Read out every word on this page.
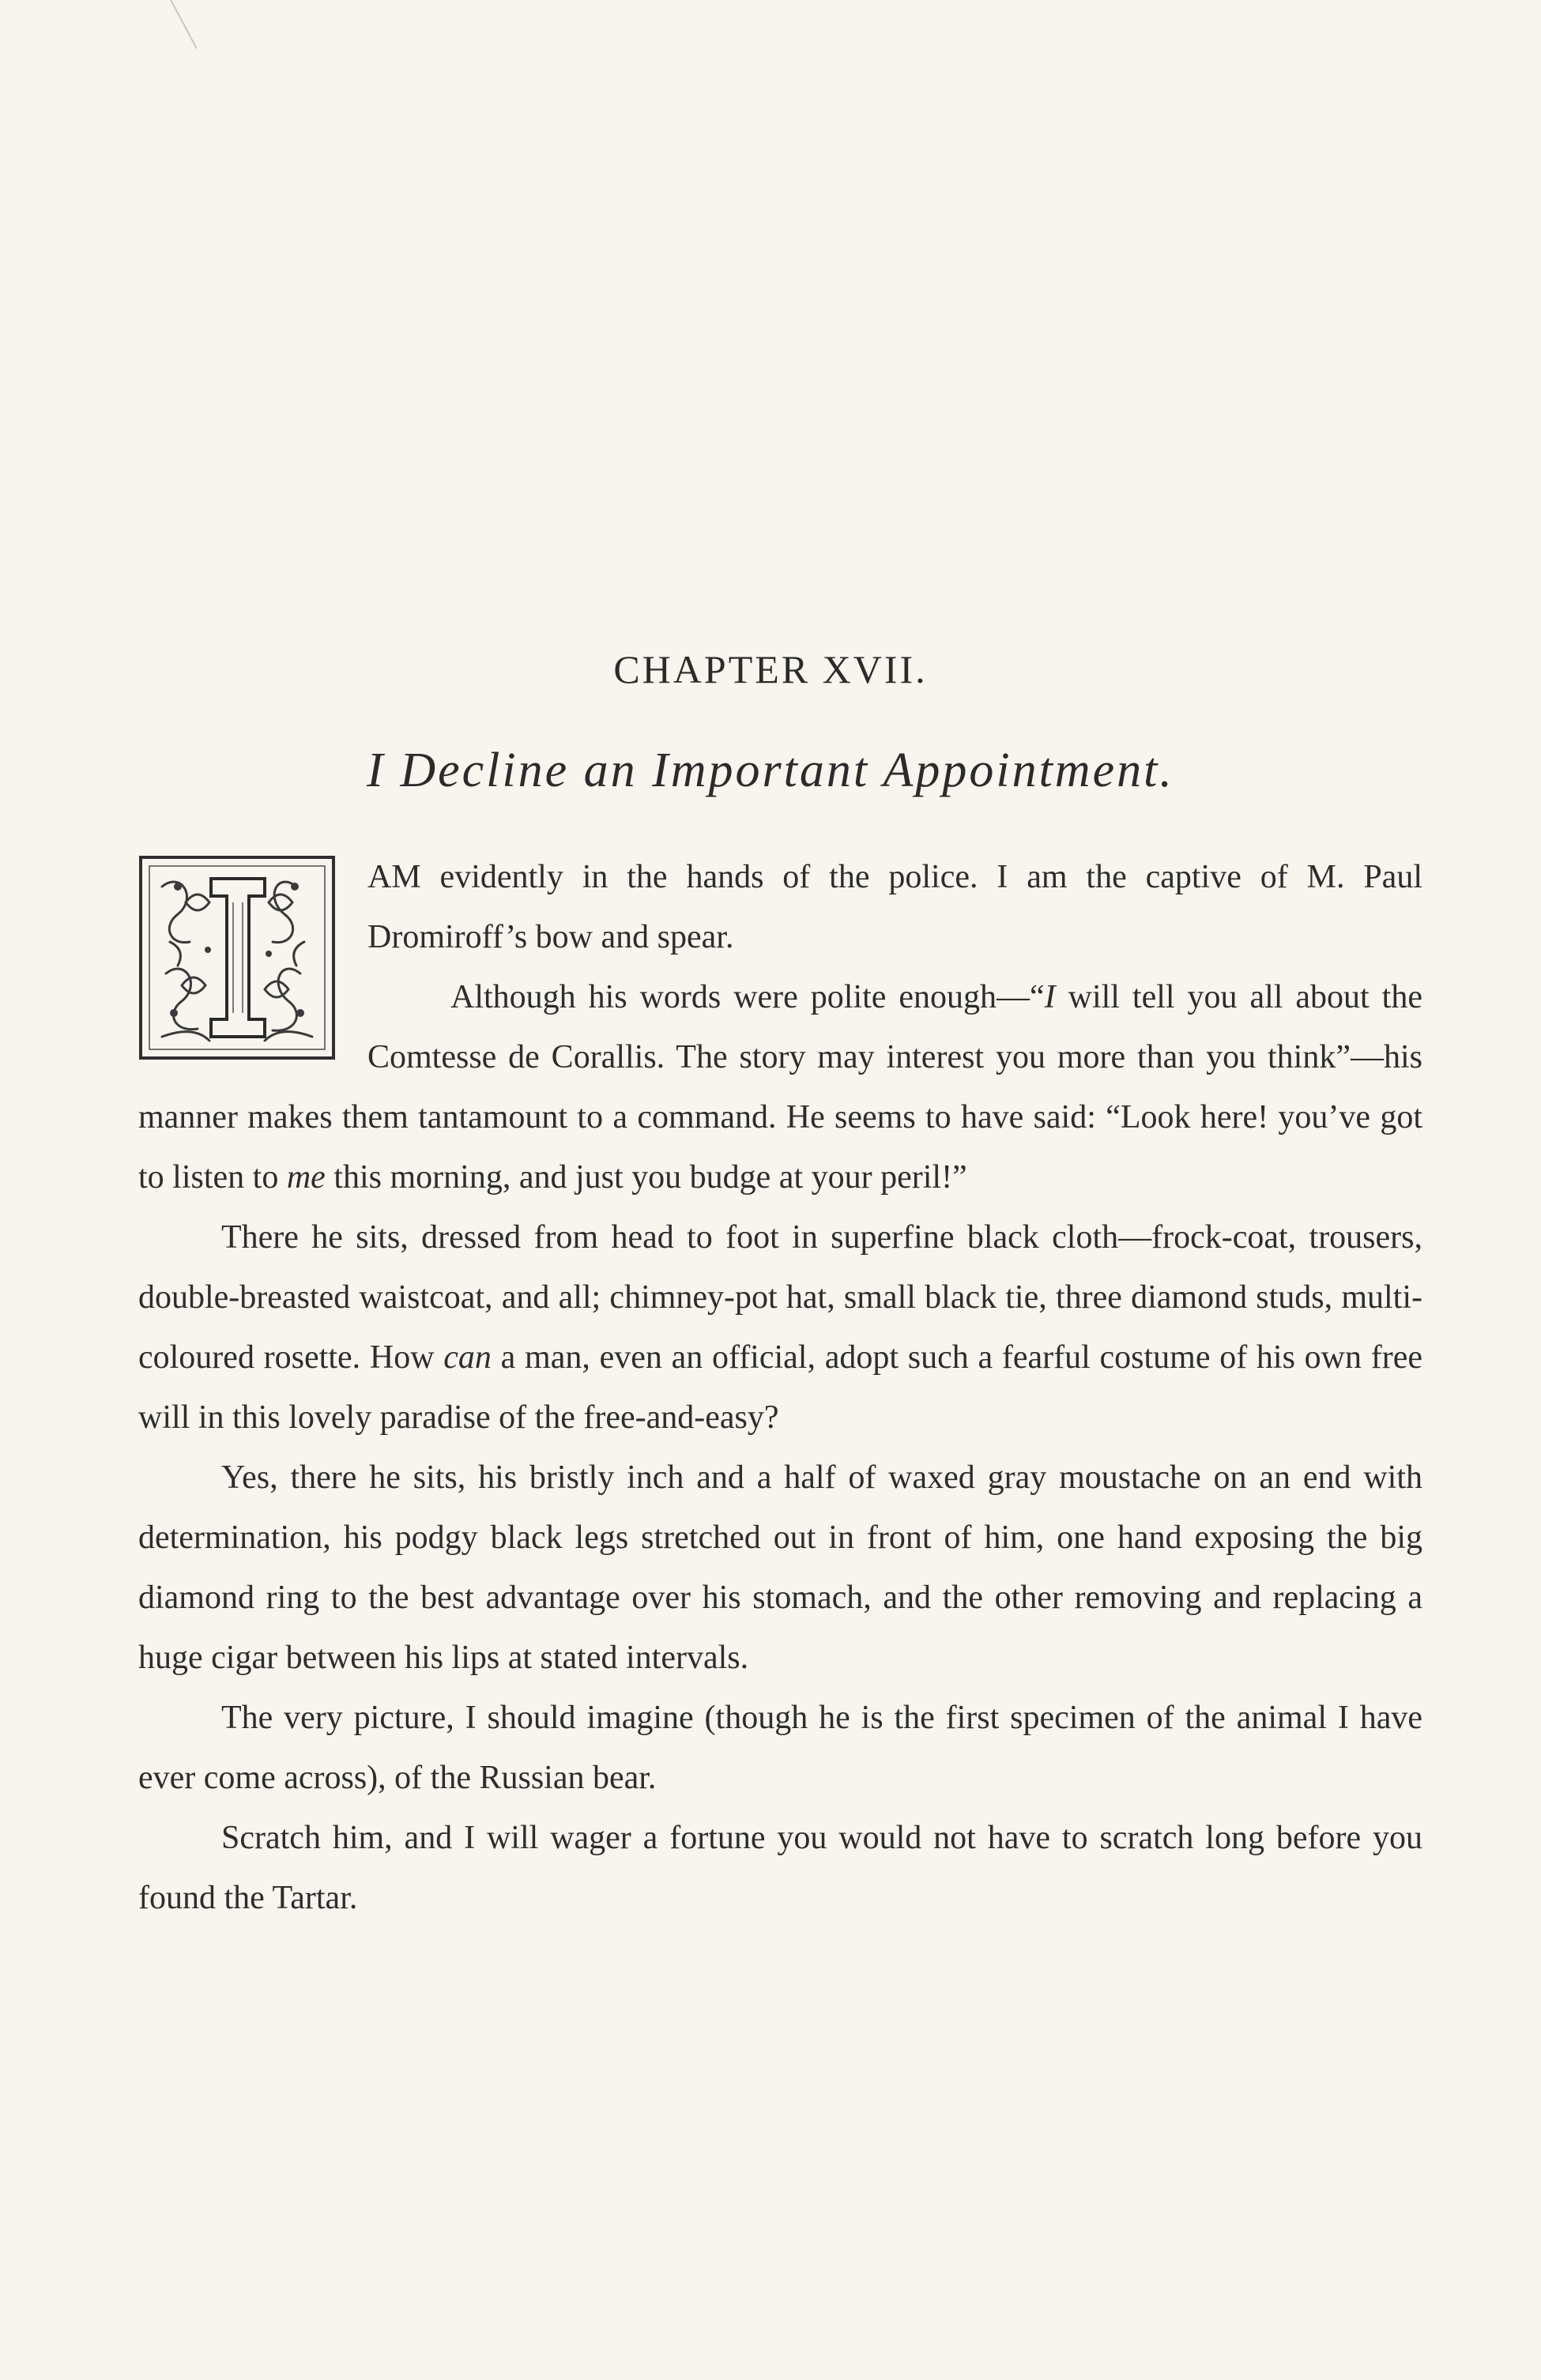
CHAPTER XVII.
I Decline an Important Appointment.

AM evidently in the hands of the police. I am the captive of M. Paul Dromiroff’s bow and spear.

Although his words were polite enough—“I will tell you all about the Comtesse de Corallis. The story may interest you more than you think”—his manner makes them tantamount to a command. He seems to have said: “Look here! you’ve got to listen to me this morning, and just you budge at your peril!”

There he sits, dressed from head to foot in superfine black cloth—frock-coat, trousers, double-breasted waistcoat, and all; chimney-pot hat, small black tie, three diamond studs, multi-coloured rosette. How can a man, even an official, adopt such a fearful costume of his own free will in this lovely paradise of the free-and-easy?

Yes, there he sits, his bristly inch and a half of waxed gray moustache on an end with determination, his podgy black legs stretched out in front of him, one hand exposing the big diamond ring to the best advantage over his stomach, and the other removing and replacing a huge cigar between his lips at stated intervals.

The very picture, I should imagine (though he is the first specimen of the animal I have ever come across), of the Russian bear.

Scratch him, and I will wager a fortune you would not have to scratch long before you found the Tartar.
